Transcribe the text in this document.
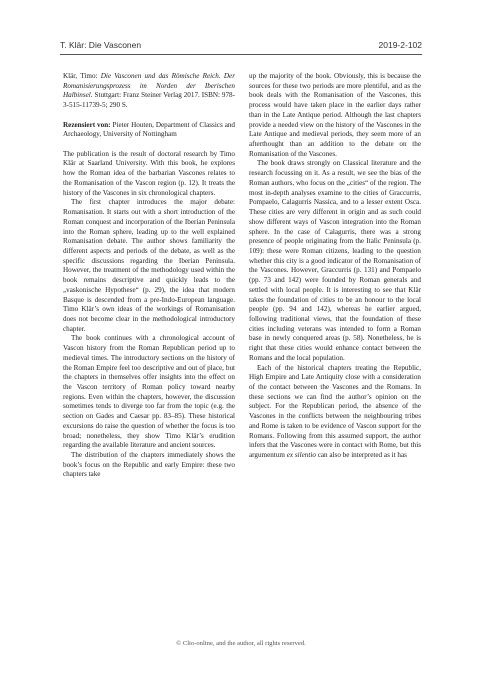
T. Klär: Die Vasconen	2019-2-102

Klär, Timo: Die Vasconen und das Römische Reich. Der Romanisierungsprozess im Norden der Iberischen Halbinsel. Stuttgart: Franz Steiner Verlag 2017. ISBN: 978-3-515-11739-5; 290 S.

Rezensiert von: Pieter Houten, Department of Classics and Archaeology, University of Nottingham

The publication is the result of doctoral research by Timo Klär at Saarland University. With this book, he explores how the Roman idea of the barbarian Vascones relates to the Romanisation of the Vascon region (p. 12). It treats the history of the Vascones in six chronological chapters.

The first chapter introduces the major debate: Romanisation. It starts out with a short introduction of the Roman conquest and incorporation of the Iberian Peninsula into the Roman sphere, leading up to the well explained Romanisation debate. The author shows familiarity the different aspects and periods of the debate, as well as the specific discussions regarding the Iberian Peninsula. However, the treatment of the methodology used within the book remains descriptive and quickly leads to the „vaskonische Hypothese“ (p. 29), the idea that modern Basque is descended from a pre-Indo-European language. Timo Klär’s own ideas of the workings of Romanisation does not become clear in the methodological introductory chapter.

The book continues with a chronological account of Vascon history from the Roman Republican period up to medieval times. The introductory sections on the history of the Roman Empire feel too descriptive and out of place, but the chapters in themselves offer insights into the effect on the Vascon territory of Roman policy toward nearby regions. Even within the chapters, however, the discussion sometimes tends to diverge too far from the topic (e.g. the section on Gades and Caesar pp. 83–85). These historical excursions do raise the question of whether the focus is too broad; nonetheless, they show Timo Klär’s erudition regarding the available literature and ancient sources.

The distribution of the chapters immediately shows the book’s focus on the Republic and early Empire: these two chapters take

up the majority of the book. Obviously, this is because the sources for these two periods are more plentiful, and as the book deals with the Romanisation of the Vascones, this process would have taken place in the earlier days rather than in the Late Antique period. Although the last chapters provide a needed view on the history of the Vascones in the Late Antique and medieval periods, they seem more of an afterthought than an addition to the debate on the Romanisation of the Vascones.

The book draws strongly on Classical literature and the research focussing on it. As a result, we see the bias of the Roman authors, who focus on the „cities“ of the region. The most in-depth analyses examine to the cities of Graccurris, Pompaelo, Calagurris Nassica, and to a lesser extent Osca. These cities are very different in origin and as such could show different ways of Vascon integration into the Roman sphere. In the case of Calagurris, there was a strong presence of people originating from the Italic Peninsula (p. 109): these were Roman citizens, leading to the question whether this city is a good indicator of the Romanisation of the Vascones. However, Graccurris (p. 131) and Pompaelo (pp. 73 and 142) were founded by Roman generals and settled with local people. It is interesting to see that Klär takes the foundation of cities to be an honour to the local people (pp. 94 and 142), whereas he earlier argued, following traditional views, that the foundation of these cities including veterans was intended to form a Roman base in newly conquered areas (p. 58). Nonetheless, he is right that these cities would enhance contact between the Romans and the local population.

Each of the historical chapters treating the Republic, High Empire and Late Antiquity close with a consideration of the contact between the Vascones and the Romans. In these sections we can find the author’s opinion on the subject. For the Republican period, the absence of the Vascones in the conflicts between the neighbouring tribes and Rome is taken to be evidence of Vascon support for the Romans. Following from this assumed support, the author infers that the Vascones were in contact with Rome, but this argumentum ex silentio can also be interpreted as it has

© Clio-online, and the author, all rights reserved.
